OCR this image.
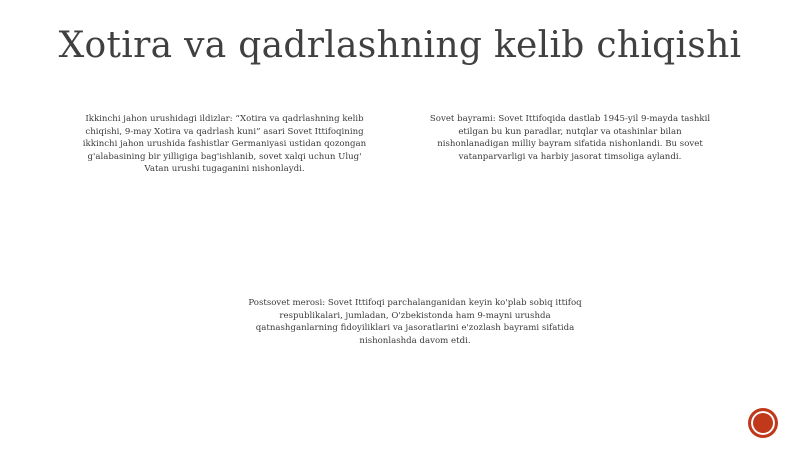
Xotira va qadrlashning kelib chiqishi
Ikkinchi jahon urushidagi ildizlar: “Xotira va qadrlashning kelib chiqishi, 9-may Xotira va qadrlash kuni” asari Sovet Ittifoqining ikkinchi jahon urushida fashistlar Germaniyasi ustidan qozongan g'alabasining bir yilligiga bag'ishlanib, sovet xalqi uchun Ulug' Vatan urushi tugaganini nishonlaydi.
Sovet bayrami: Sovet Ittifoqida dastlab 1945-yil 9-mayda tashkil etilgan bu kun paradlar, nutqlar va otashinlar bilan nishonlanadigan milliy bayram sifatida nishonlandi. Bu sovet vatanparvarligi va harbiy jasorat timsoliga aylandi.
Postsovet merosi: Sovet Ittifoqi parchalanganidan keyin ko'plab sobiq ittifoq respublikalari, jumladan, O'zbekistonda ham 9-mayni urushda qatnashganlarning fidoyiliklari va jasoratlarini e'zozlash bayrami sifatida nishonlashda davom etdi.
